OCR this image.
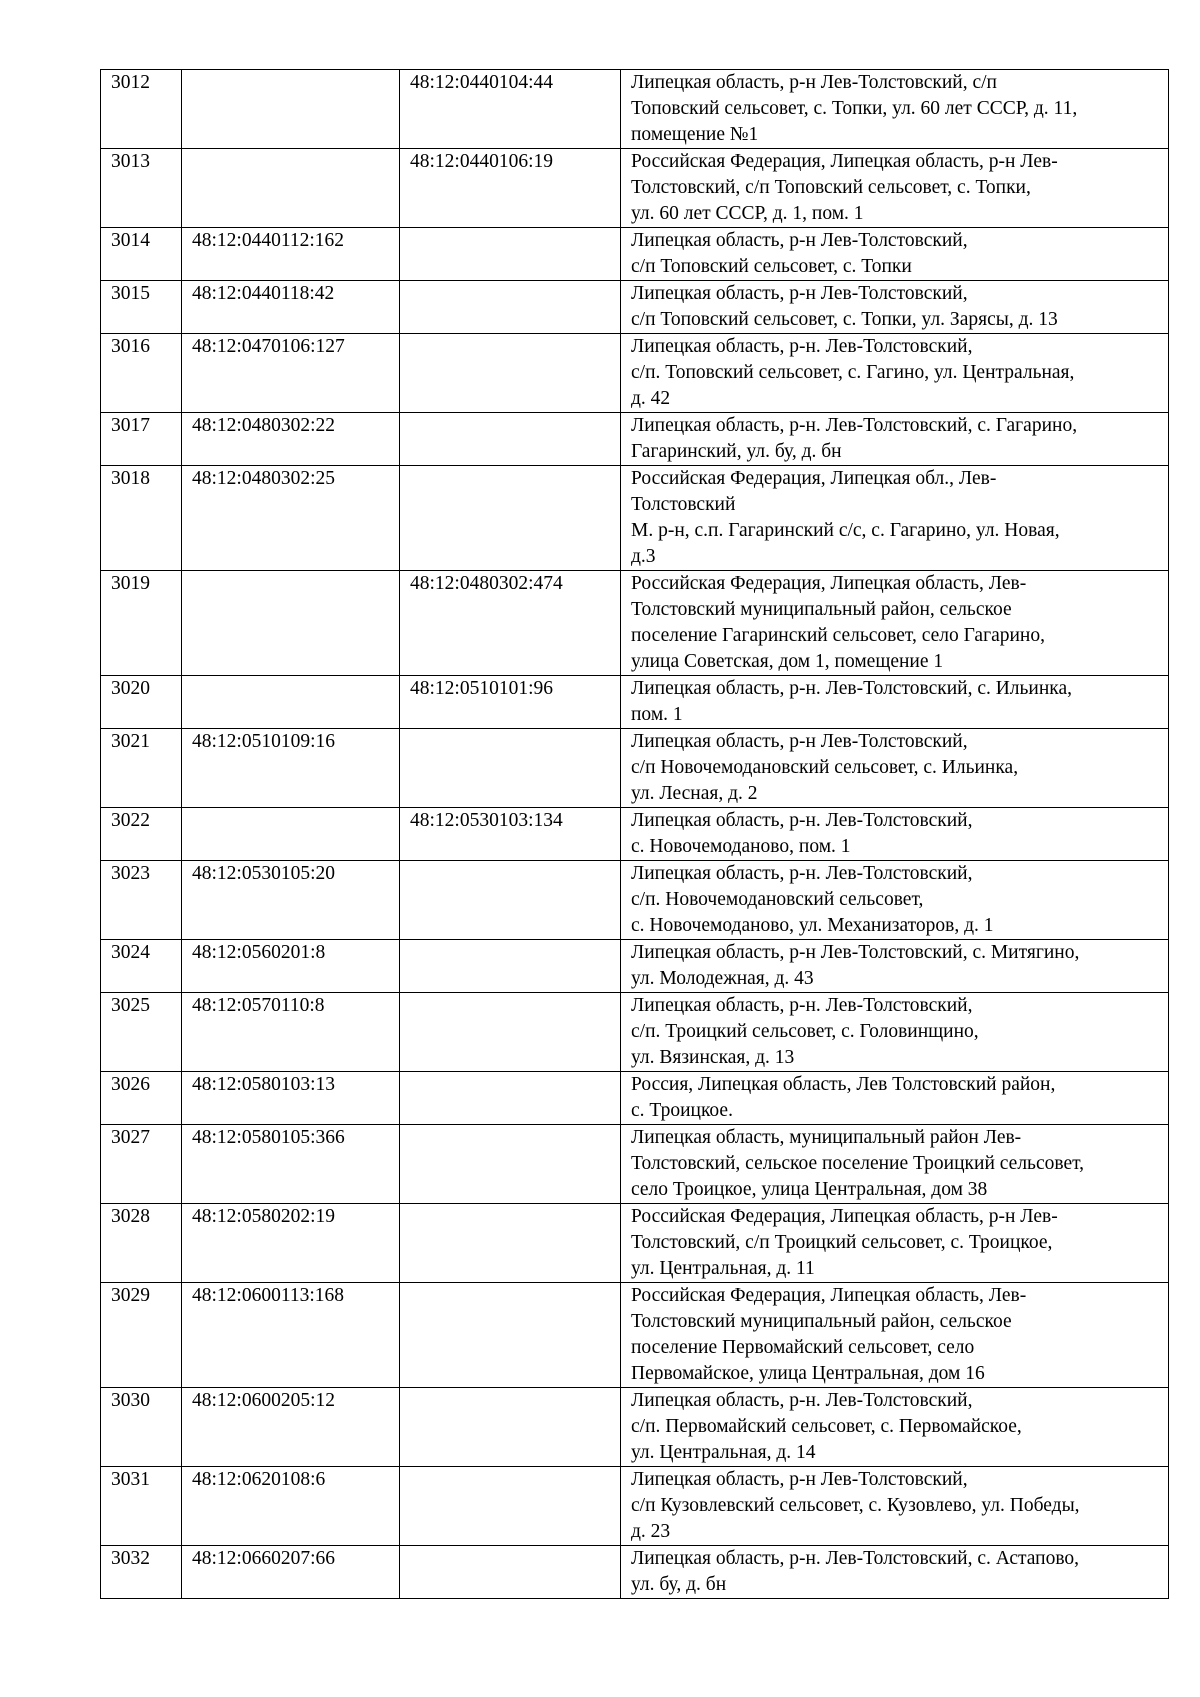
3012		48:12:0440104:44	Липецкая область, р-н Лев-Толстовский, с/п
Топовский сельсовет, с. Топки, ул. 60 лет СССР, д. 11,
помещение №1

3013		48:12:0440106:19	Российская Федерация, Липецкая область, р-н Лев-
Толстовский, с/п Топовский сельсовет, с. Топки,
ул. 60 лет СССР, д. 1, пом. 1

3014	48:12:0440112:162		Липецкая область, р-н Лев-Толстовский,
с/п Топовский сельсовет, с. Топки

3015	48:12:0440118:42		Липецкая область, р-н Лев-Толстовский,
с/п Топовский сельсовет, с. Топки, ул. Зарясы, д. 13

3016	48:12:0470106:127		Липецкая область, р-н. Лев-Толстовский,
с/п. Топовский сельсовет, с. Гагино, ул. Центральная,
д. 42

3017	48:12:0480302:22		Липецкая область, р-н. Лев-Толстовский, с. Гагарино,
Гагаринский, ул. бу, д. бн

3018	48:12:0480302:25		Российская Федерация, Липецкая обл., Лев-
Толстовский
М. р-н, с.п. Гагаринский с/с, с. Гагарино, ул. Новая,
д.3

3019		48:12:0480302:474	Российская Федерация, Липецкая область, Лев-
Толстовский муниципальный район, сельское
поселение Гагаринский сельсовет, село Гагарино,
улица Советская, дом 1, помещение 1

3020		48:12:0510101:96	Липецкая область, р-н. Лев-Толстовский, с. Ильинка,
пом. 1

3021	48:12:0510109:16		Липецкая область, р-н Лев-Толстовский,
с/п Новочемодановский сельсовет, с. Ильинка,
ул. Лесная, д. 2

3022		48:12:0530103:134	Липецкая область, р-н. Лев-Толстовский,
с. Новочемоданово, пом. 1

3023	48:12:0530105:20		Липецкая область, р-н. Лев-Толстовский,
с/п. Новочемодановский сельсовет,
с. Новочемоданово, ул. Механизаторов, д. 1

3024	48:12:0560201:8		Липецкая область, р-н Лев-Толстовский, с. Митягино,
ул. Молодежная, д. 43

3025	48:12:0570110:8		Липецкая область, р-н. Лев-Толстовский,
с/п. Троицкий сельсовет, с. Головинщино,
ул. Вязинская, д. 13

3026	48:12:0580103:13		Россия, Липецкая область, Лев Толстовский район,
с. Троицкое.

3027	48:12:0580105:366		Липецкая область, муниципальный район Лев-
Толстовский, сельское поселение Троицкий сельсовет,
село Троицкое, улица Центральная, дом 38

3028	48:12:0580202:19		Российская Федерация, Липецкая область, р-н Лев-
Толстовский, с/п Троицкий сельсовет, с. Троицкое,
ул. Центральная, д. 11

3029	48:12:0600113:168		Российская Федерация, Липецкая область, Лев-
Толстовский муниципальный район, сельское
поселение Первомайский сельсовет, село
Первомайское, улица Центральная, дом 16

3030	48:12:0600205:12		Липецкая область, р-н. Лев-Толстовский,
с/п. Первомайский сельсовет, с. Первомайское,
ул. Центральная, д. 14

3031	48:12:0620108:6		Липецкая область, р-н Лев-Толстовский,
с/п Кузовлевский сельсовет, с. Кузовлево, ул. Победы,
д. 23

3032	48:12:0660207:66		Липецкая область, р-н. Лев-Толстовский, с. Астапово,
ул. бу, д. бн
